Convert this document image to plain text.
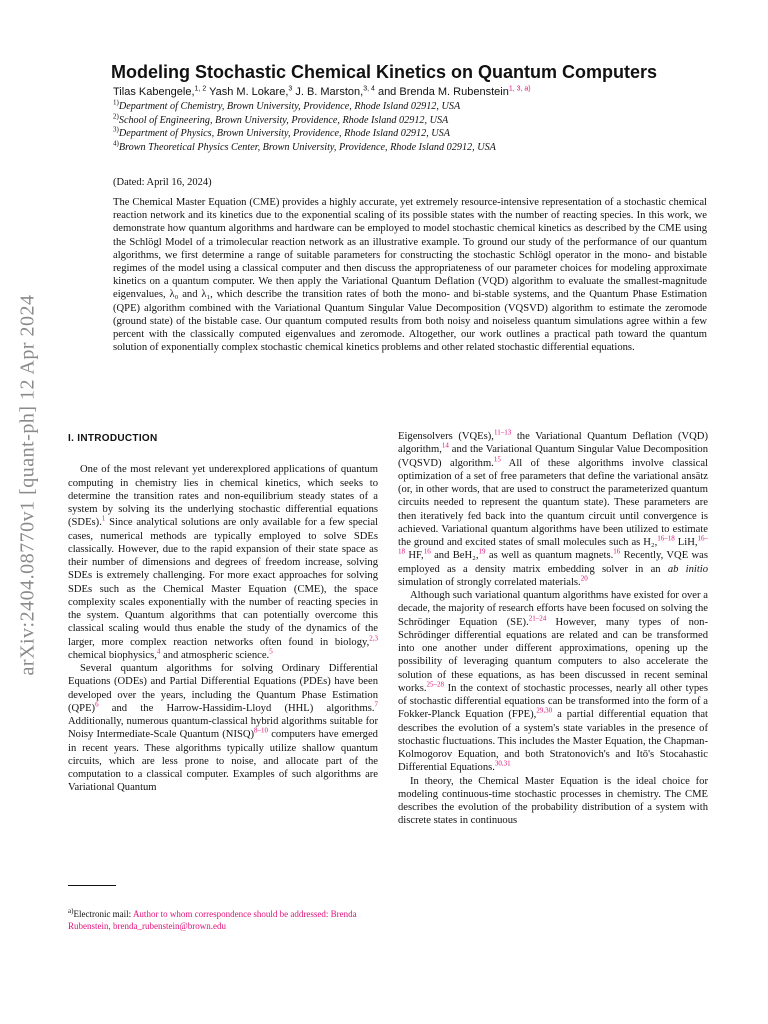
arXiv:2404.08770v1 [quant-ph] 12 Apr 2024
Modeling Stochastic Chemical Kinetics on Quantum Computers
Tilas Kabengele,$^{1, 2}$ Yash M. Lokare,$^3$ J. B. Marston,$^{3, 4}$ and Brenda M. Rubenstein$^{1, 3, a)}$
$^{1)}$Department of Chemistry, Brown University, Providence, Rhode Island 02912, USA
$^{2)}$School of Engineering, Brown University, Providence, Rhode Island 02912, USA
$^{3)}$Department of Physics, Brown University, Providence, Rhode Island 02912, USA
$^{4)}$Brown Theoretical Physics Center, Brown University, Providence, Rhode Island 02912, USA
(Dated: April 16, 2024)
The Chemical Master Equation (CME) provides a highly accurate, yet extremely resource-intensive representation of a stochastic chemical reaction network and its kinetics due to the exponential scaling of its possible states with the number of reacting species. In this work, we demonstrate how quantum algorithms and hardware can be employed to model stochastic chemical kinetics as described by the CME using the Schlögl Model of a trimolecular reaction network as an illustrative example. To ground our study of the performance of our quantum algorithms, we first determine a range of suitable parameters for constructing the stochastic Schlögl operator in the mono- and bistable regimes of the model using a classical computer and then discuss the appropriateness of our parameter choices for modeling approximate kinetics on a quantum computer. We then apply the Variational Quantum Deflation (VQD) algorithm to evaluate the smallest-magnitude eigenvalues, λ₀ and λ₁, which describe the transition rates of both the mono- and bi-stable systems, and the Quantum Phase Estimation (QPE) algorithm combined with the Variational Quantum Singular Value Decomposition (VQSVD) algorithm to estimate the zeromode (ground state) of the bistable case. Our quantum computed results from both noisy and noiseless quantum simulations agree within a few percent with the classically computed eigenvalues and zeromode. Altogether, our work outlines a practical path toward the quantum solution of exponentially complex stochastic chemical kinetics problems and other related stochastic differential equations.
I. INTRODUCTION

One of the most relevant yet underexplored applications of quantum computing in chemistry lies in chemical kinetics, which seeks to determine the transition rates and non-equilibrium steady states of a system by solving its the underlying stochastic differential equations (SDEs).$^1$ Since analytical solutions are only available for a few special cases, numerical methods are typically employed to solve SDEs classically. However, due to the rapid expansion of their state space as their number of dimensions and degrees of freedom increase, solving SDEs is extremely challenging. For more exact approaches for solving SDEs such as the Chemical Master Equation (CME), the space complexity scales exponentially with the number of reacting species in the system. Quantum algorithms that can potentially overcome this classical scaling would thus enable the study of the dynamics of the larger, more complex reaction networks often found in biology,$^{2,3}$ chemical biophysics,$^4$ and atmospheric science.$^5$

Several quantum algorithms for solving Ordinary Differential Equations (ODEs) and Partial Differential Equations (PDEs) have been developed over the years, including the Quantum Phase Estimation (QPE)$^6$ and the Harrow-Hassidim-Lloyd (HHL) algorithms.$^7$ Additionally, numerous quantum-classical hybrid algorithms suitable for Noisy Intermediate-Scale Quantum (NISQ)$^{8-10}$ computers have emerged in recent years. These algorithms typically utilize shallow quantum circuits, which are less prone to noise, and allocate part of the computation to a classical computer. Examples of such algorithms are Variational Quantum

$^{a)}$Electronic mail: Author to whom correspondence should be addressed: Brenda Rubenstein, brenda_rubenstein@brown.edu

Eigensolvers (VQEs),$^{11-13}$ the Variational Quantum Deflation (VQD) algorithm,$^{14}$ and the Variational Quantum Singular Value Decomposition (VQSVD) algorithm.$^{15}$ All of these algorithms involve classical optimization of a set of free parameters that define the variational ansätz (or, in other words, that are used to construct the parameterized quantum circuits needed to represent the quantum state). These parameters are then iteratively fed back into the quantum circuit until convergence is achieved. Variational quantum algorithms have been utilized to estimate the ground and excited states of small molecules such as H₂,$^{16-18}$ LiH,$^{16-18}$ HF,$^{16}$ and BeH₂,$^{19}$ as well as quantum magnets.$^{16}$ Recently, VQE was employed as a density matrix embedding solver in an ab initio simulation of strongly correlated materials.$^{20}$

Although such variational quantum algorithms have existed for over a decade, the majority of research efforts have been focused on solving the Schrödinger Equation (SE).$^{21-24}$ However, many types of non-Schrödinger differential equations are related and can be transformed into one another under different approximations, opening up the possibility of leveraging quantum computers to also accelerate the solution of these equations, as has been discussed in recent seminal works.$^{25-28}$ In the context of stochastic processes, nearly all other types of stochastic differential equations can be transformed into the form of a Fokker-Planck Equation (FPE),$^{29,30}$ a partial differential equation that describes the evolution of a system's state variables in the presence of stochastic fluctuations. This includes the Master Equation, the Chapman-Kolmogorov Equation, and both Stratonovich's and Itō's Stocahastic Differential Equations.$^{30,31}$

In theory, the Chemical Master Equation is the ideal choice for modeling continuous-time stochastic processes in chemistry. The CME describes the evolution of the probability distribution of a system with discrete states in continuous
